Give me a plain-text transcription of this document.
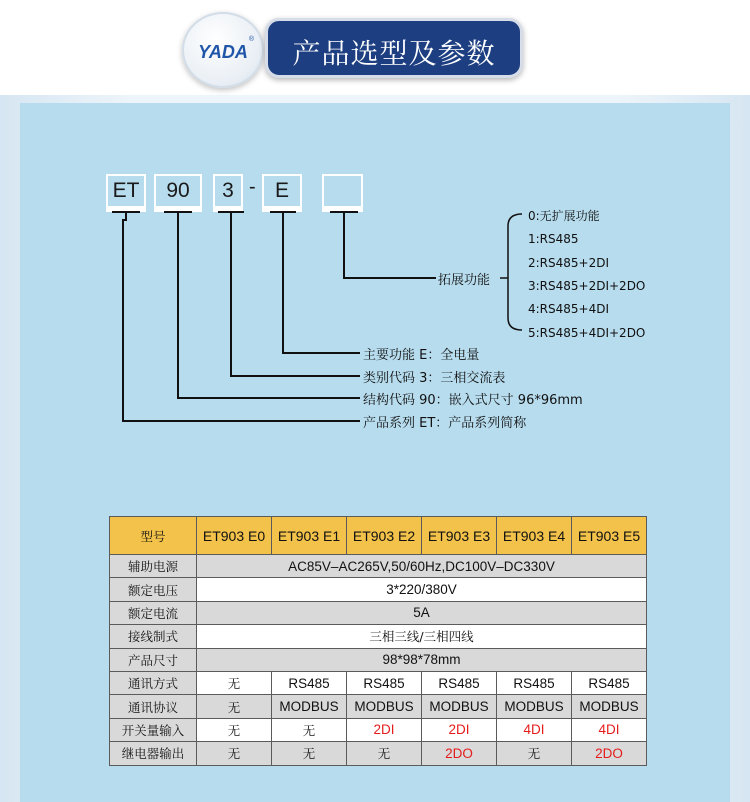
YADA
®	产品选型及参数
ET	90	3 - E
拓展功能
0:无扩展功能
1:RS485
2:RS485+2DI
3:RS485+2DI+2DO
4:RS485+4DI
5:RS485+4DI+2DO
主要功能 E：全电量
类别代码 3：三相交流表
结构代码 90：嵌入式尺寸 96*96mm
产品系列 ET：产品系列简称
型号	ET903 E0	ET903 E1	ET903 E2	ET903 E3	ET903 E4	ET903 E5
辅助电源	AC85V–AC265V,50/60Hz,DC100V–DC330V					
额定电压	3*220/380V					
额定电流	5A					
接线制式	三相三线/三相四线					
产品尺寸	98*98*78mm					
通讯方式	无	RS485	RS485	RS485	RS485	RS485
通讯协议	无	MODBUS	MODBUS	MODBUS	MODBUS	MODBUS
开关量输入	无	无	2DI	2DI	4DI	4DI
继电器输出	无	无	无	2DO	无	2DO
